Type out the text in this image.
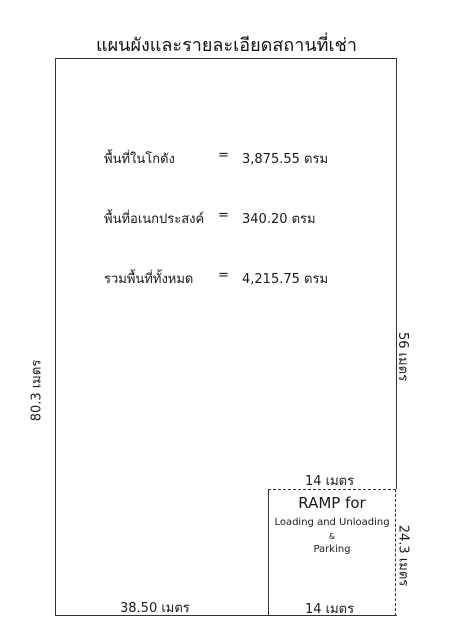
แผนผังและรายละเอียดสถานที่เช่า
พื้นที่ในโกดัง	= 3,875.55 ตรม
พื้นที่อเนกประสงค์ = 340.20 ตรม
รวมพื้นที่ทั้งหมด = 4,215.75 ตรม
80.3 เมตร
56 เมตร
14 เมตร
24.3 เมตร
38.50 เมตร	14 เมตร
RAMP for
Loading and Unloading
&
Parking
